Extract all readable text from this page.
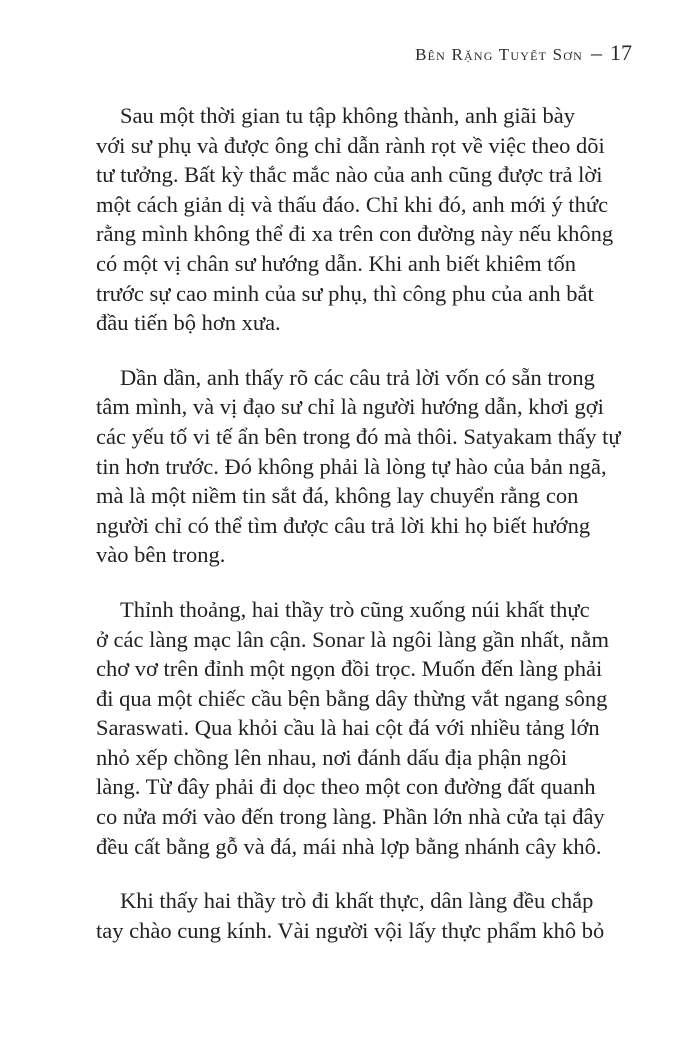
Bên Rặng Tuyết Sơn – 17
Sau một thời gian tu tập không thành, anh giãi bày
với sư phụ và được ông chỉ dẫn rành rọt về việc theo dõi
tư tưởng. Bất kỳ thắc mắc nào của anh cũng được trả lời
một cách giản dị và thấu đáo. Chỉ khi đó, anh mới ý thức
rằng mình không thể đi xa trên con đường này nếu không
có một vị chân sư hướng dẫn. Khi anh biết khiêm tốn
trước sự cao minh của sư phụ, thì công phu của anh bắt
đầu tiến bộ hơn xưa.
Dần dần, anh thấy rõ các câu trả lời vốn có sẵn trong
tâm mình, và vị đạo sư chỉ là người hướng dẫn, khơi gợi
các yếu tố vi tế ẩn bên trong đó mà thôi. Satyakam thấy tự
tin hơn trước. Đó không phải là lòng tự hào của bản ngã,
mà là một niềm tin sắt đá, không lay chuyển rằng con
người chỉ có thể tìm được câu trả lời khi họ biết hướng
vào bên trong.
Thỉnh thoảng, hai thầy trò cũng xuống núi khất thực
ở các làng mạc lân cận. Sonar là ngôi làng gần nhất, nằm
chơ vơ trên đỉnh một ngọn đồi trọc. Muốn đến làng phải
đi qua một chiếc cầu bện bằng dây thừng vắt ngang sông
Saraswati. Qua khỏi cầu là hai cột đá với nhiều tảng lớn
nhỏ xếp chồng lên nhau, nơi đánh dấu địa phận ngôi
làng. Từ đây phải đi dọc theo một con đường đất quanh
co nửa mới vào đến trong làng. Phần lớn nhà cửa tại đây
đều cất bằng gỗ và đá, mái nhà lợp bằng nhánh cây khô.
Khi thấy hai thầy trò đi khất thực, dân làng đều chắp
tay chào cung kính. Vài người vội lấy thực phẩm khô bỏ
